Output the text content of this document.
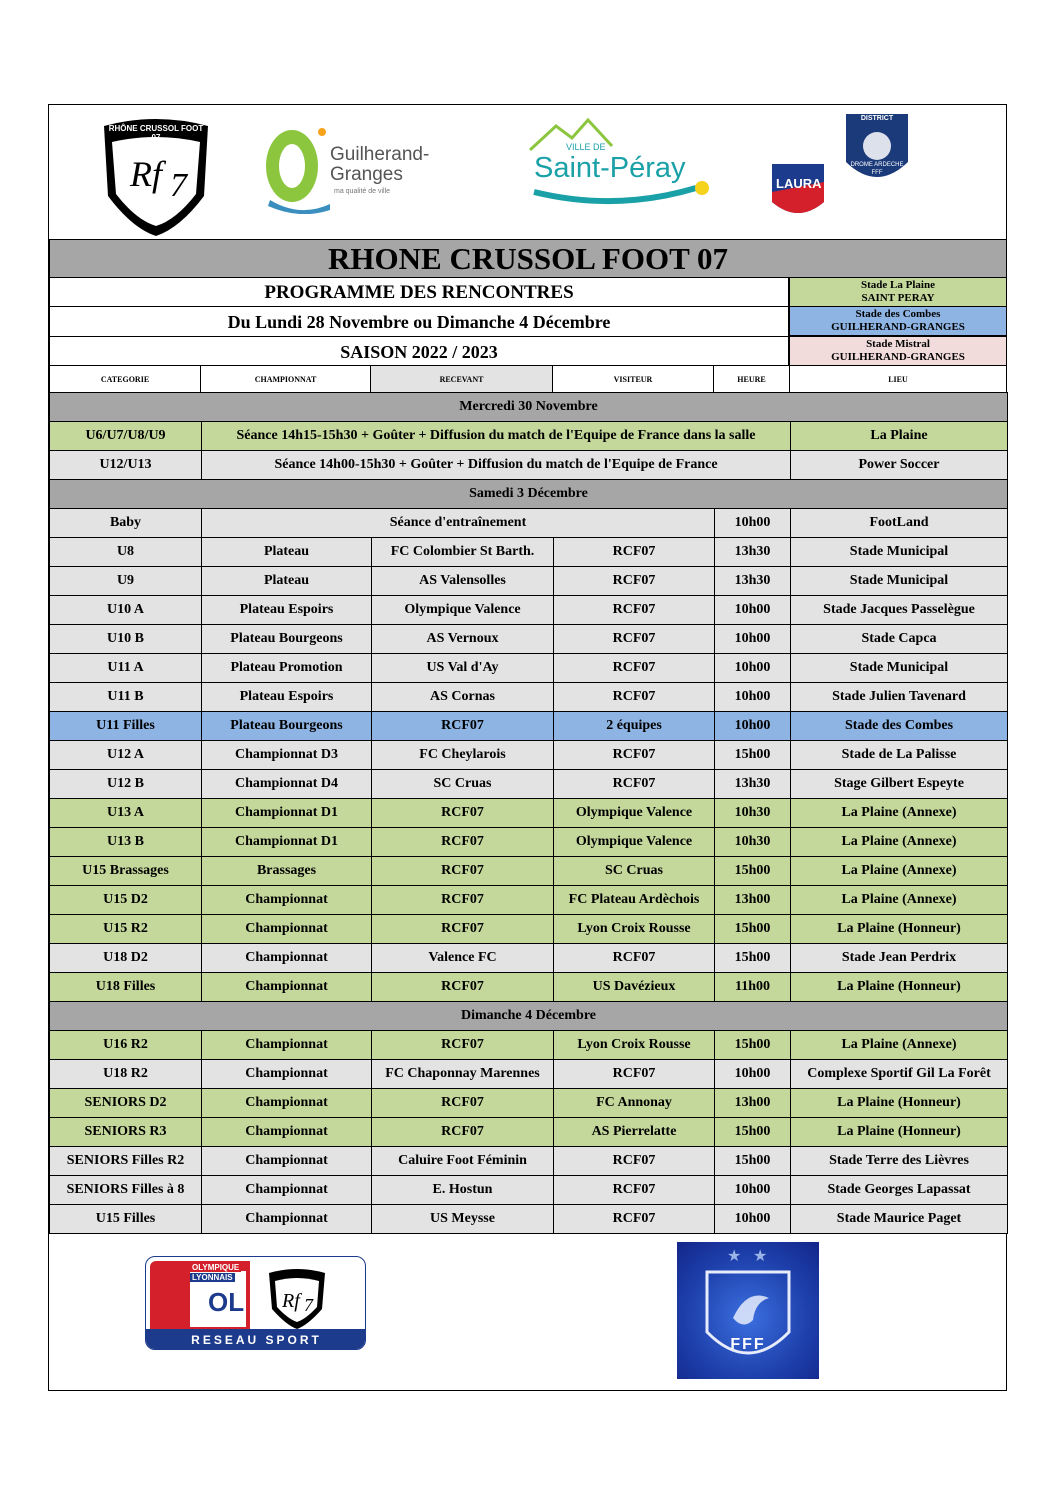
Rf 7
RHÔNE CRUSSOL FOOT 07
Guilherand-
Granges
ma qualité de ville
VILLE DE
Saint-Péray	LAURA
DISTRICT
DROME ARDECHE
FFF
RHONE CRUSSOL FOOT 07
PROGRAMME DES RENCONTRES
Du Lundi 28 Novembre ou Dimanche 4 Décembre
SAISON 2022 / 2023
Stade La Plaine
SAINT PERAY
Stade des Combes
GUILHERAND-GRANGES
Stade Mistral
GUILHERAND-GRANGES
CATEGORIE	CHAMPIONNAT	RECEVANT	VISITEUR	HEURE	LIEU
Mercredi 30 Novembre					
U6/U7/U8/U9	Séance 14h15-15h30 + Goûter + Diffusion du match de l'Equipe de France dans la salle				La Plaine
U12/U13	Séance 14h00-15h30 + Goûter + Diffusion du match de l'Equipe de France				Power Soccer
Samedi 3 Décembre					
Baby	Séance d'entraînement			10h00	FootLand
U8	Plateau	FC Colombier St Barth.	RCF07	13h30	Stade Municipal
U9	Plateau	AS Valensolles	RCF07	13h30	Stade Municipal
U10 A	Plateau Espoirs	Olympique Valence	RCF07	10h00	Stade Jacques Passelègue
U10 B	Plateau Bourgeons	AS Vernoux	RCF07	10h00	Stade Capca
U11 A	Plateau Promotion	US Val d'Ay	RCF07	10h00	Stade Municipal
U11 B	Plateau Espoirs	AS Cornas	RCF07	10h00	Stade Julien Tavenard
U11 Filles	Plateau Bourgeons	RCF07	2 équipes	10h00	Stade des Combes
U12 A	Championnat D3	FC Cheylarois	RCF07	15h00	Stade de La Palisse
U12 B	Championnat D4	SC Cruas	RCF07	13h30	Stage Gilbert Espeyte
U13 A	Championnat D1	RCF07	Olympique Valence	10h30	La Plaine (Annexe)
U13 B	Championnat D1	RCF07	Olympique Valence	10h30	La Plaine (Annexe)
U15 Brassages	Brassages	RCF07	SC Cruas	15h00	La Plaine (Annexe)
U15 D2	Championnat	RCF07	FC Plateau Ardèchois	13h00	La Plaine (Annexe)
U15 R2	Championnat	RCF07	Lyon Croix Rousse	15h00	La Plaine (Honneur)
U18 D2	Championnat	Valence FC	RCF07	15h00	Stade Jean Perdrix
U18 Filles	Championnat	RCF07	US Davézieux	11h00	La Plaine (Honneur)
Dimanche 4 Décembre					
U16 R2	Championnat	RCF07	Lyon Croix Rousse	15h00	La Plaine (Annexe)
U18 R2	Championnat	FC Chaponnay Marennes	RCF07	10h00	Complexe Sportif Gil La Forêt
SENIORS D2	Championnat	RCF07	FC Annonay	13h00	La Plaine (Honneur)
SENIORS R3	Championnat	RCF07	AS Pierrelatte	15h00	La Plaine (Honneur)
SENIORS Filles R2	Championnat	Caluire Foot Féminin	RCF07	15h00	Stade Terre des Lièvres
SENIORS Filles à 8	Championnat	E. Hostun	RCF07	10h00	Stade Georges Lapassat
U15 Filles	Championnat	US Meysse	RCF07	10h00	Stade Maurice Paget
OLYMPIQUE
LYONNAIS
OL Rf 7
RESEAU SPORT
★ ★
FFF
